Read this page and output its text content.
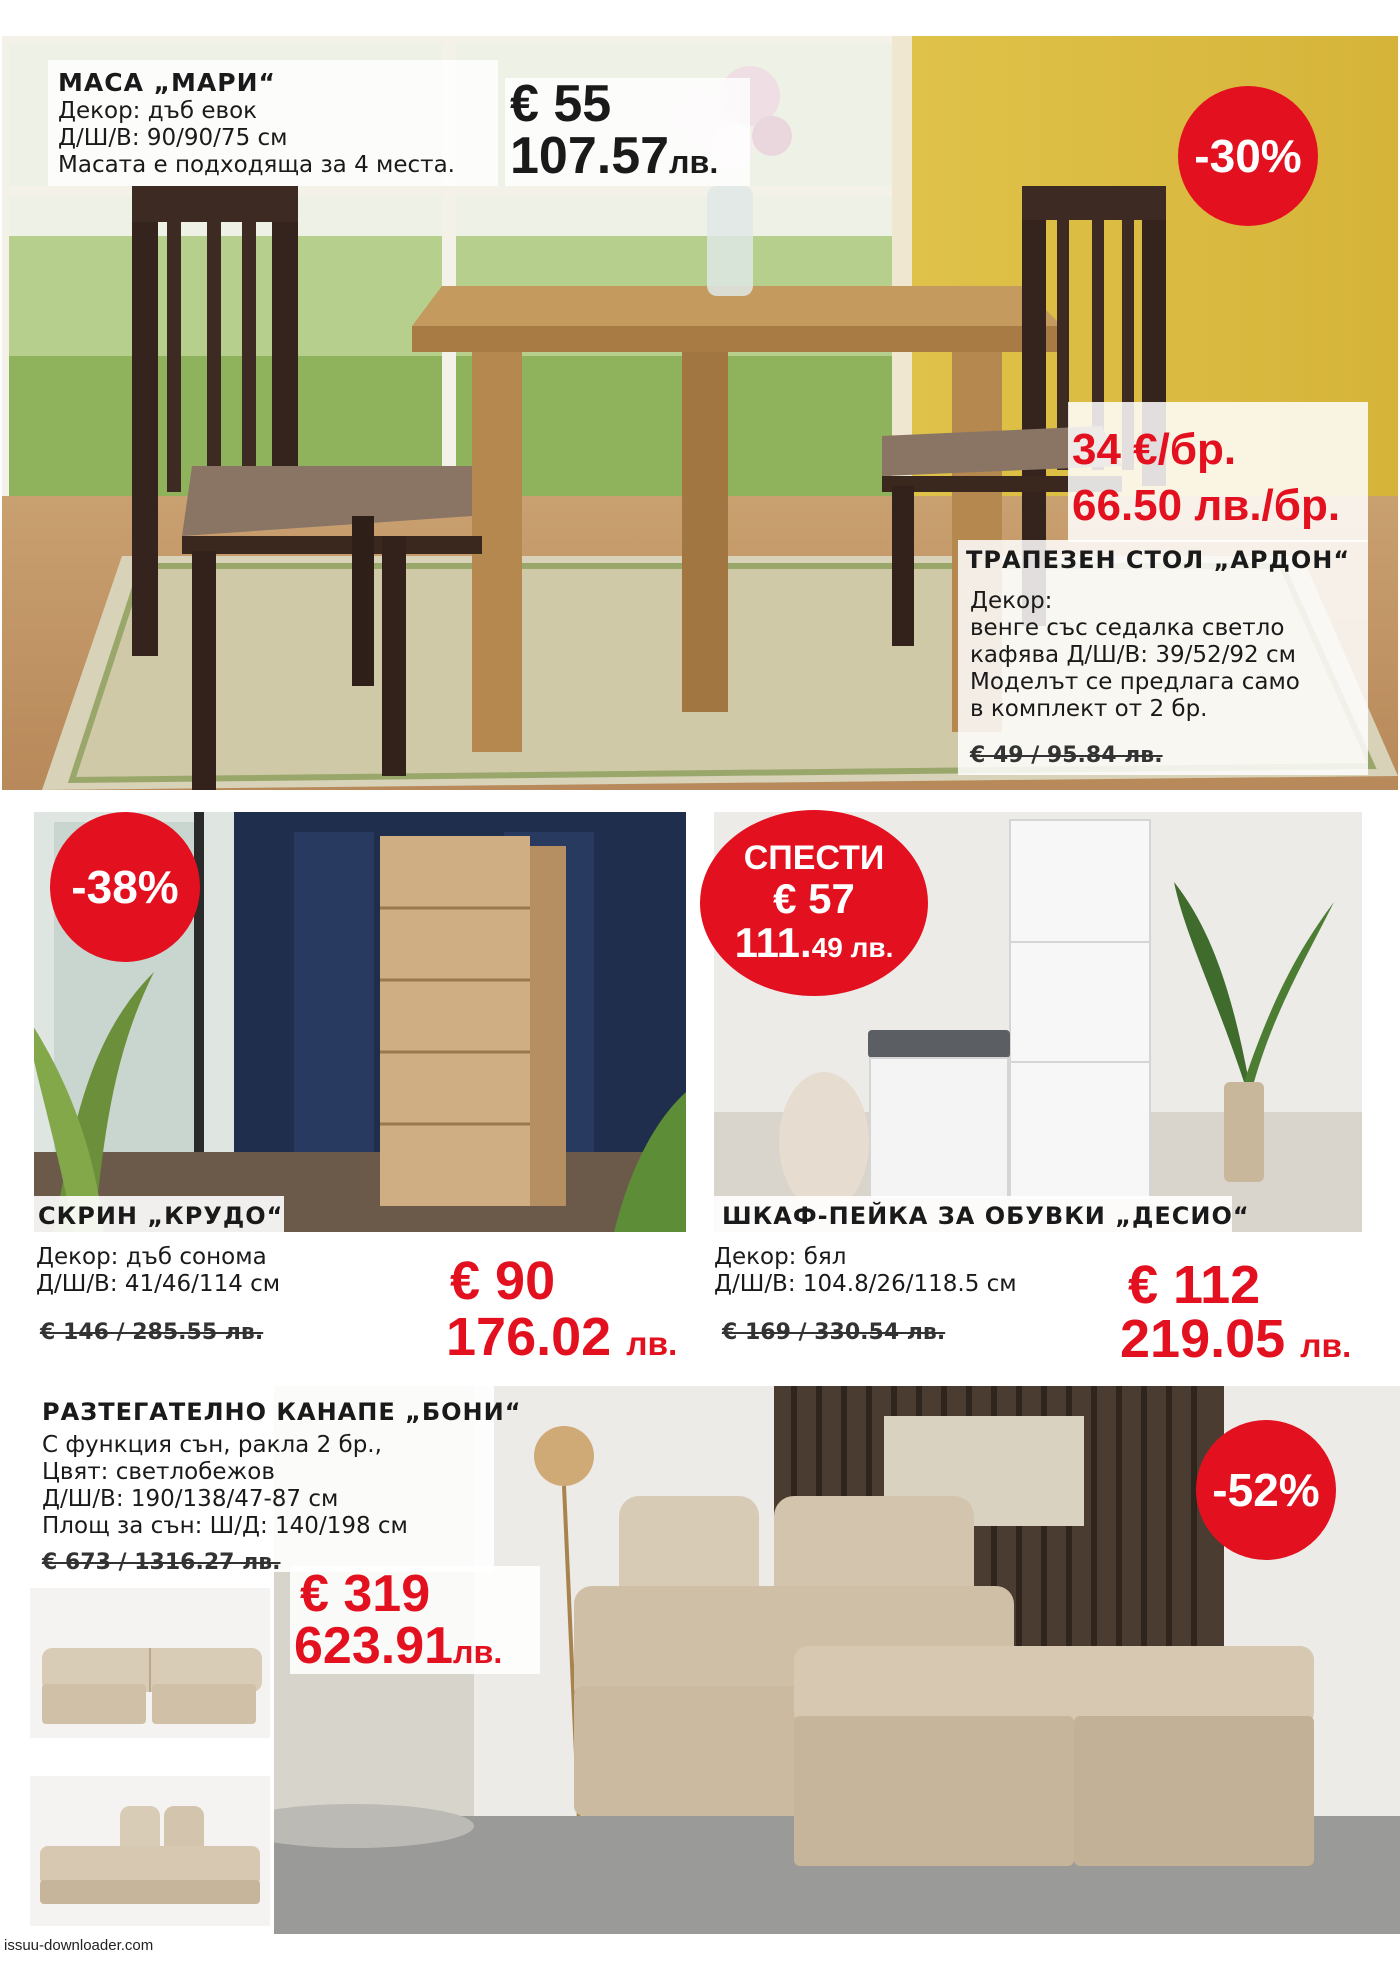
МАСА „МАРИ“
Декор: дъб евок
Д/Ш/В: 90/90/75 см
Масата е подходяща за 4 места.
€ 55
107.57лв.	-30%
34 €/бр.
66.50 лв./бр.
ТРАПЕЗЕН СТОЛ „АРДОН“
Декор:
венге със седалка светло
кафява Д/Ш/В: 39/52/92 см
Моделът се предлага само
в комплект от 2 бр.
€ 49 / 95.84 лв.
-38%
СКРИН „КРУДО“
Декор: дъб сонома
Д/Ш/В: 41/46/114 см
€ 146 / 285.55 лв.
€ 90
176.02 лв.
СПЕСТИ
€ 57
111.49 лв.
ШКАФ-ПЕЙКА ЗА ОБУВКИ „ДЕСИО“
Декор: бял
Д/Ш/В: 104.8/26/118.5 см
€ 169 / 330.54 лв.
€ 112
219.05 лв.
РАЗТЕГАТЕЛНО КАНАПЕ „БОНИ“
С функция сън, ракла 2 бр.,
Цвят: светлобежов
Д/Ш/В: 190/138/47-87 см
Площ за сън: Ш/Д: 140/198 см
€ 673 / 1316.27 лв.
€ 319
623.91лв.
-52%
issuu-downloader.com
